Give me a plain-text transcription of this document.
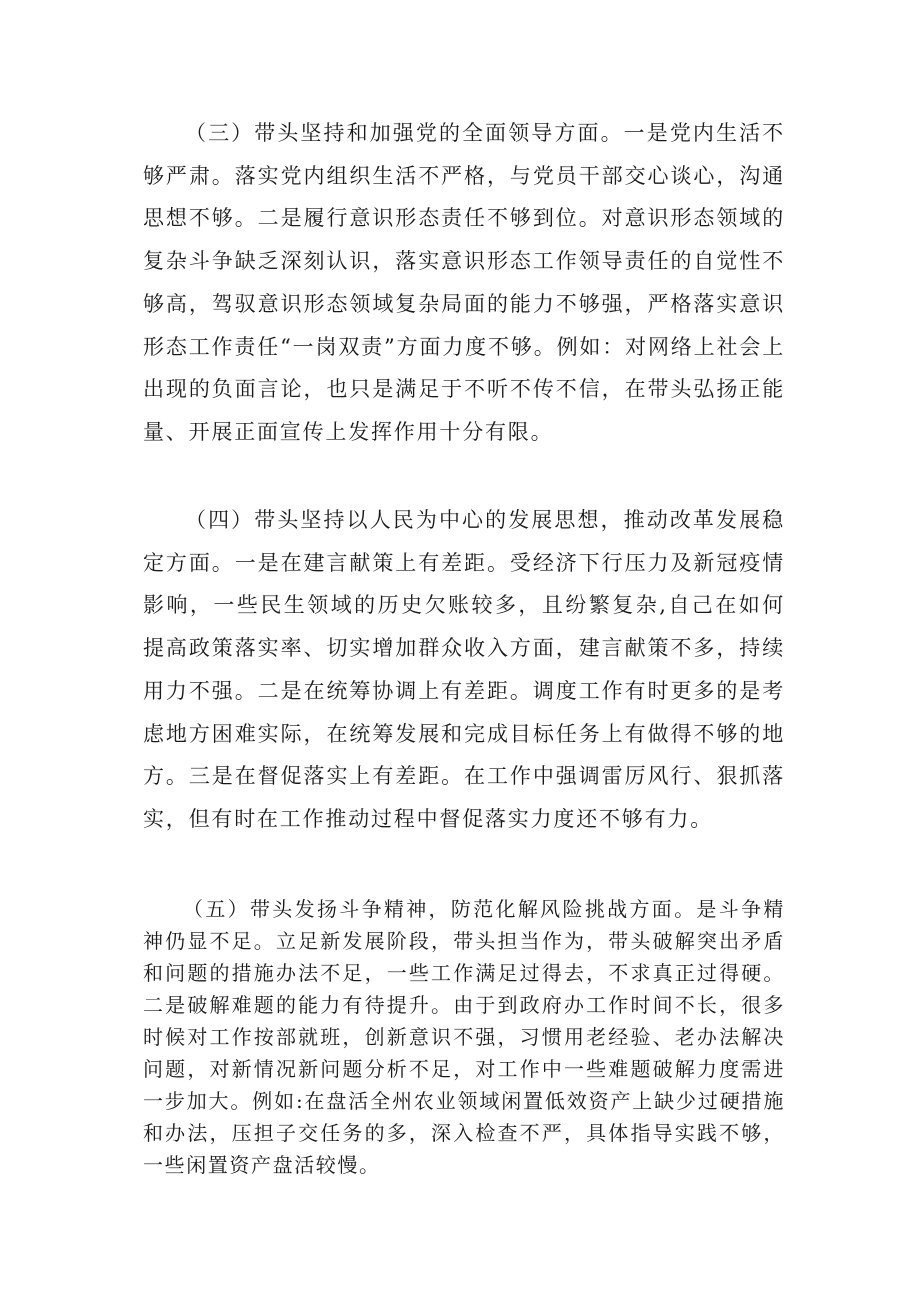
（三）带头坚持和加强党的全面领导方面。一是党内生活不够严肃。落实党内组织生活不严格，与党员干部交心谈心，沟通思想不够。二是履行意识形态责任不够到位。对意识形态领域的复杂斗争缺乏深刻认识，落实意识形态工作领导责任的自觉性不够高，驾驭意识形态领域复杂局面的能力不够强，严格落实意识形态工作责任“一岗双责”方面力度不够。例如：对网络上社会上出现的负面言论，也只是满足于不听不传不信，在带头弘扬正能量、开展正面宣传上发挥作用十分有限。

（四）带头坚持以人民为中心的发展思想，推动改革发展稳定方面。一是在建言献策上有差距。受经济下行压力及新冠疫情影响，一些民生领域的历史欠账较多，且纷繁复杂,自己在如何提高政策落实率、切实增加群众收入方面，建言献策不多，持续用力不强。二是在统筹协调上有差距。调度工作有时更多的是考虑地方困难实际，在统筹发展和完成目标任务上有做得不够的地方。三是在督促落实上有差距。在工作中强调雷厉风行、狠抓落实，但有时在工作推动过程中督促落实力度还不够有力。

（五）带头发扬斗争精神，防范化解风险挑战方面。是斗争精神仍显不足。立足新发展阶段，带头担当作为，带头破解突出矛盾和问题的措施办法不足，一些工作满足过得去，不求真正过得硬。二是破解难题的能力有待提升。由于到政府办工作时间不长，很多时候对工作按部就班，创新意识不强，习惯用老经验、老办法解决问题，对新情况新问题分析不足，对工作中一些难题破解力度需进一步加大。例如:在盘活全州农业领域闲置低效资产上缺少过硬措施和办法，压担子交任务的多，深入检查不严，具体指导实践不够，一些闲置资产盘活较慢。
